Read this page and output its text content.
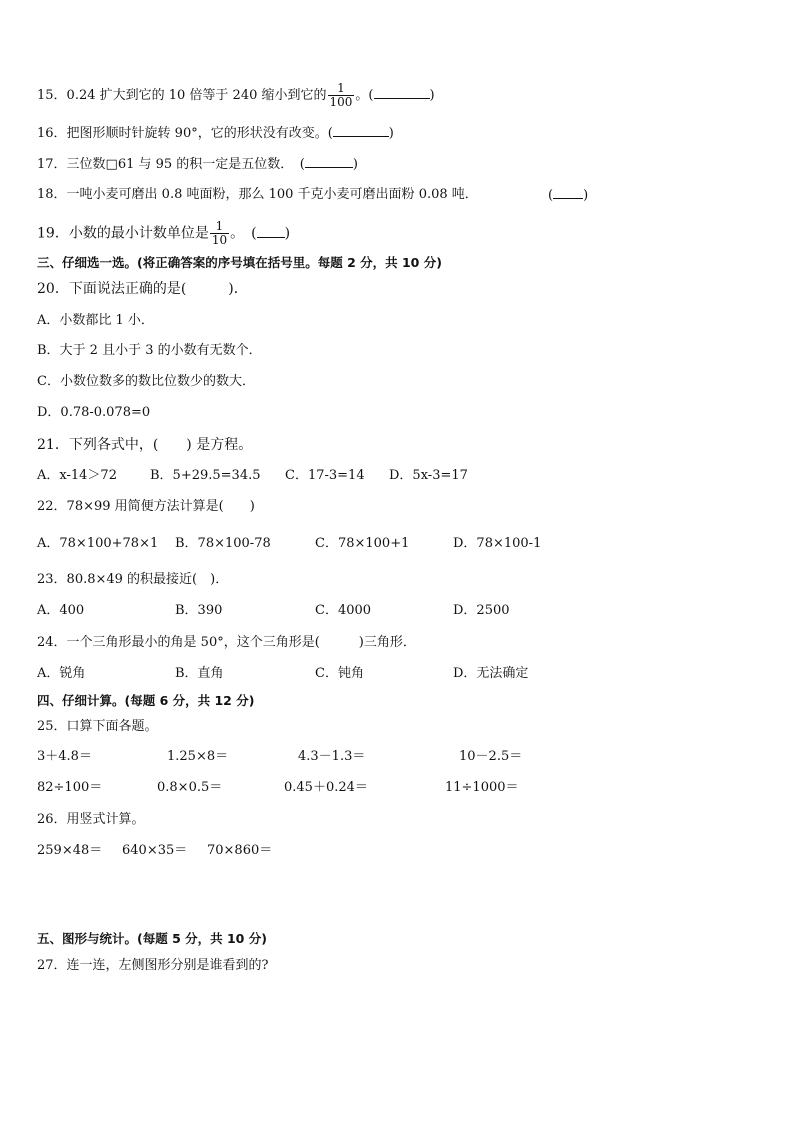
15．0.24 扩大到它的 10 倍等于 240 缩小到它的 $\frac{1}{100}$ 。(	)
16．把图形顺时针旋转 90°，它的形状没有改变。(	)
17．三位数□61 与 95 的积一定是五位数．　(	)
18．一吨小麦可磨出 0.8 吨面粉，那么 100 千克小麦可磨出面粉 0.08 吨．	( )
19．小数的最小计数单位是 $\frac{1}{10}$ 。　( )
三、仔细选一选。(将正确答案的序号填在括号里。每题 2 分，共 10 分)
20．下面说法正确的是(　　　)．
A．小数都比 1 小．
B．大于 2 且小于 3 的小数有无数个．
C．小数位数多的数比位数少的数大．
D．0.78-0.078=0
21．下列各式中，(　　) 是方程。
A．x-14＞72	B．5+29.5=34.5 C．17-3=14 D．5x-3=17
22．78×99 用简便方法计算是(　　)
A．78×100+78×1 B．78×100-78	C．78×100+1	D．78×100-1
23．80.8×49 的积最接近(　)．
A．400	B．390	C．4000	D．2500
24．一个三角形最小的角是 50°，这个三角形是(　　　)三角形．
A．锐角	B．直角	C．钝角	D．无法确定
四、仔细计算。(每题 6 分，共 12 分)
25．口算下面各题。
3＋4.8＝	1.25×8＝	4.3－1.3＝	10－2.5＝
82÷100＝	0.8×0.5＝	0.45＋0.24＝	11÷1000＝
26．用竖式计算。
259×48＝ 640×35＝ 70×860＝
五、图形与统计。(每题 5 分，共 10 分)
27．连一连，左侧图形分别是谁看到的?
